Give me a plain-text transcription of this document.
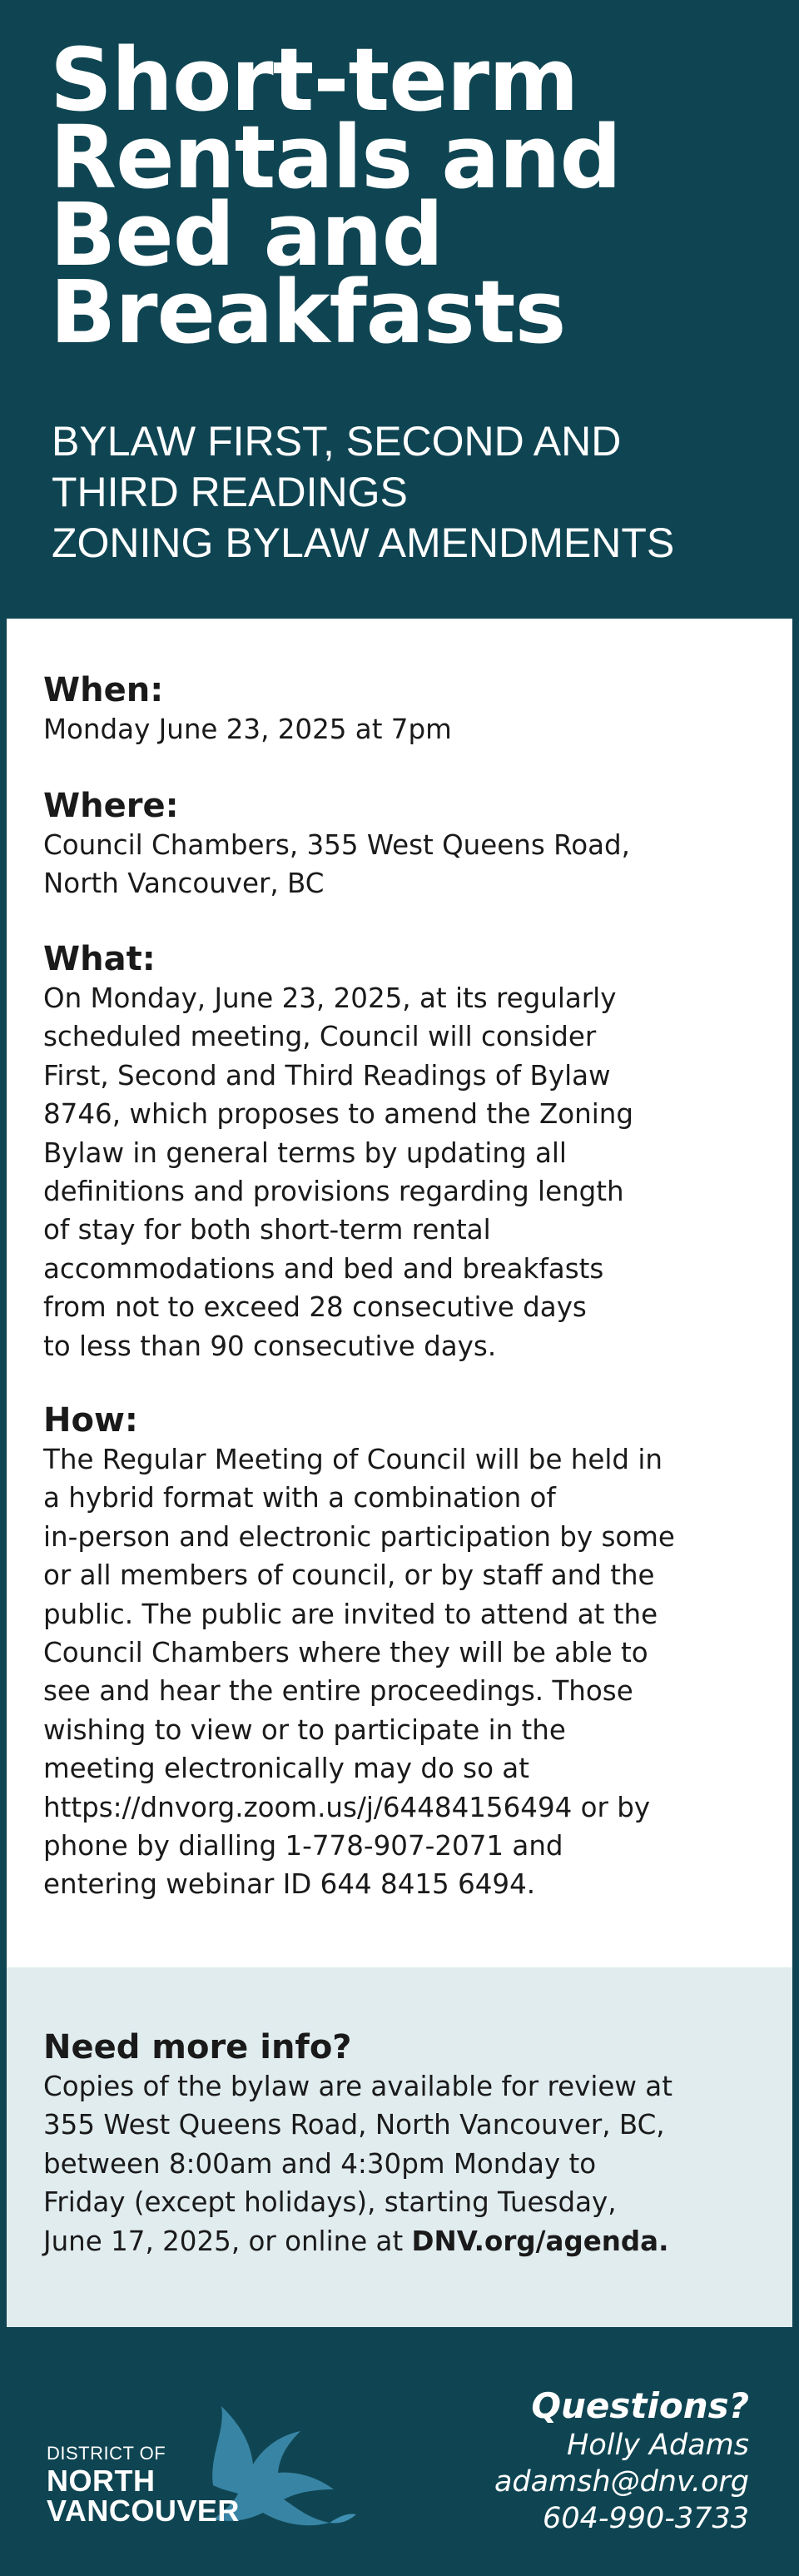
Short-term
Rentals and
Bed and
Breakfasts
BYLAW FIRST, SECOND AND
THIRD READINGS
ZONING BYLAW AMENDMENTS
When:
Monday June 23, 2025 at 7pm
Where:
Council Chambers, 355 West Queens Road,
North Vancouver, BC
What:
On Monday, June 23, 2025, at its regularly
scheduled meeting, Council will consider
First, Second and Third Readings of Bylaw
8746, which proposes to amend the Zoning
Bylaw in general terms by updating all
definitions and provisions regarding length
of stay for both short-term rental
accommodations and bed and breakfasts
from not to exceed 28 consecutive days
to less than 90 consecutive days.
How:
The Regular Meeting of Council will be held in
a hybrid format with a combination of
in-person and electronic participation by some
or all members of council, or by staff and the
public. The public are invited to attend at the
Council Chambers where they will be able to
see and hear the entire proceedings. Those
wishing to view or to participate in the
meeting electronically may do so at
https://dnvorg.zoom.us/j/64484156494 or by
phone by dialling 1-778-907-2071 and
entering webinar ID 644 8415 6494.
Need more info?
Copies of the bylaw are available for review at
355 West Queens Road, North Vancouver, BC,
between 8:00am and 4:30pm Monday to
Friday (except holidays), starting Tuesday,
June 17, 2025, or online at DNV.org/agenda.
DISTRICT OF
NORTH
VANCOUVER
Questions?
Holly Adams
adamsh@dnv.org
604-990-3733
